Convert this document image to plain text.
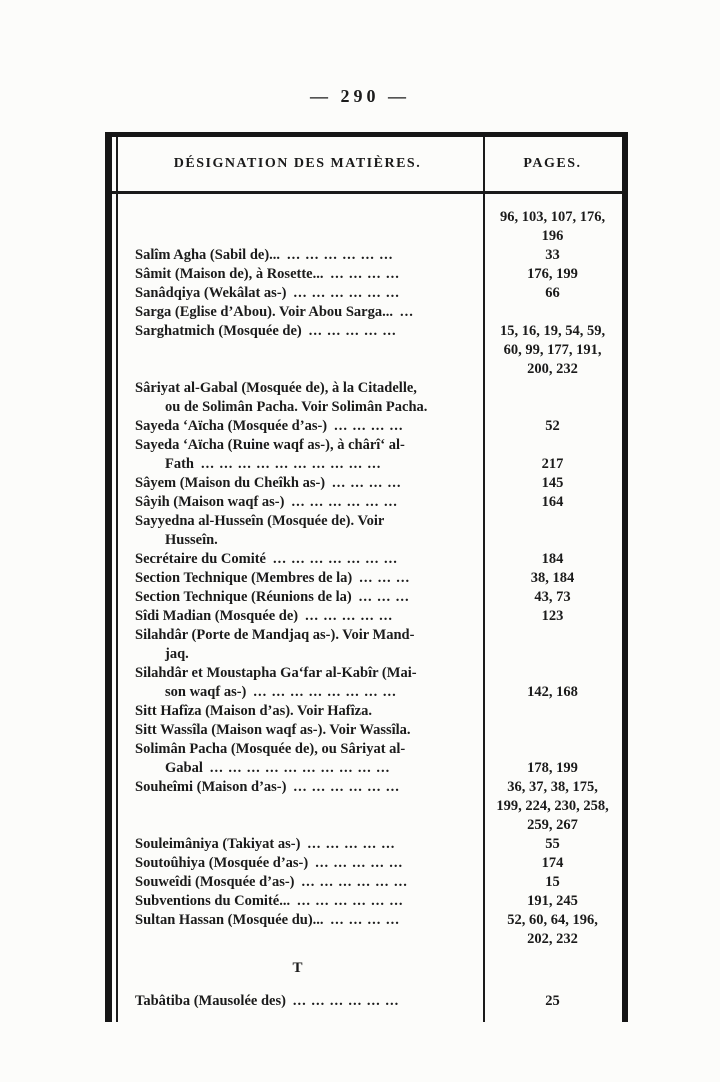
— 290 —
DÉSIGNATION DES MATIÈRES.	PAGES.
96, 103, 107, 176,
196
Salîm Agha (Sabil de)... ... ... ... ... ... ...	33
Sâmit (Maison de), à Rosette... ... ... ... ...	176, 199
Sanâdqiya (Wekâlat as-) ... ... ... ... ... ...	66
Sarga (Eglise d’Abou). Voir Abou Sarga... ...
Sarghatmich (Mosquée de) ... ... ... ... ...	15, 16, 19, 54, 59,
60, 99, 177, 191,
200, 232
Sâriyat al-Gabal (Mosquée de), à la Citadelle,
ou de Solimân Pacha. Voir Solimân Pacha.
Sayeda ‘Aïcha (Mosquée d’as-) ... ... ... ...	52
Sayeda ‘Aïcha (Ruine waqf as-), à chârî‘ al-
Fath ... ... ... ... ... ... ... ... ... ...	217
Sâyem (Maison du Cheîkh as-) ... ... ... ...	145
Sâyih (Maison waqf as-) ... ... ... ... ... ...	164
Sayyedna al-Husseîn (Mosquée de). Voir
Husseîn.
Secrétaire du Comité ... ... ... ... ... ... ...	184
Section Technique (Membres de la) ... ... ...	38, 184
Section Technique (Réunions de la) ... ... ...	43, 73
Sîdi Madian (Mosquée de) ... ... ... ... ...	123
Silahdâr (Porte de Mandjaq as-). Voir Mand-
jaq.
Silahdâr et Moustapha Ga‘far al-Kabîr (Mai-
son waqf as-) ... ... ... ... ... ... ... ...	142, 168
Sitt Hafîza (Maison d’as). Voir Hafîza.
Sitt Wassîla (Maison waqf as-). Voir Wassîla.
Solimân Pacha (Mosquée de), ou Sâriyat al-
Gabal ... ... ... ... ... ... ... ... ... ...	178, 199
Souheîmi (Maison d’as-) ... ... ... ... ... ...	36, 37, 38, 175,
199, 224, 230, 258,
259, 267
Souleimâniya (Takiyat as-) ... ... ... ... ...	55
Soutoûhiya (Mosquée d’as-) ... ... ... ... ...	174
Souweîdi (Mosquée d’as-) ... ... ... ... ... ...	15
Subventions du Comité... ... ... ... ... ... ...	191, 245
Sultan Hassan (Mosquée du)... ... ... ... ...	52, 60, 64, 196,
202, 232
T
Tabâtiba (Mausolée des) ... ... ... ... ... ...	25
